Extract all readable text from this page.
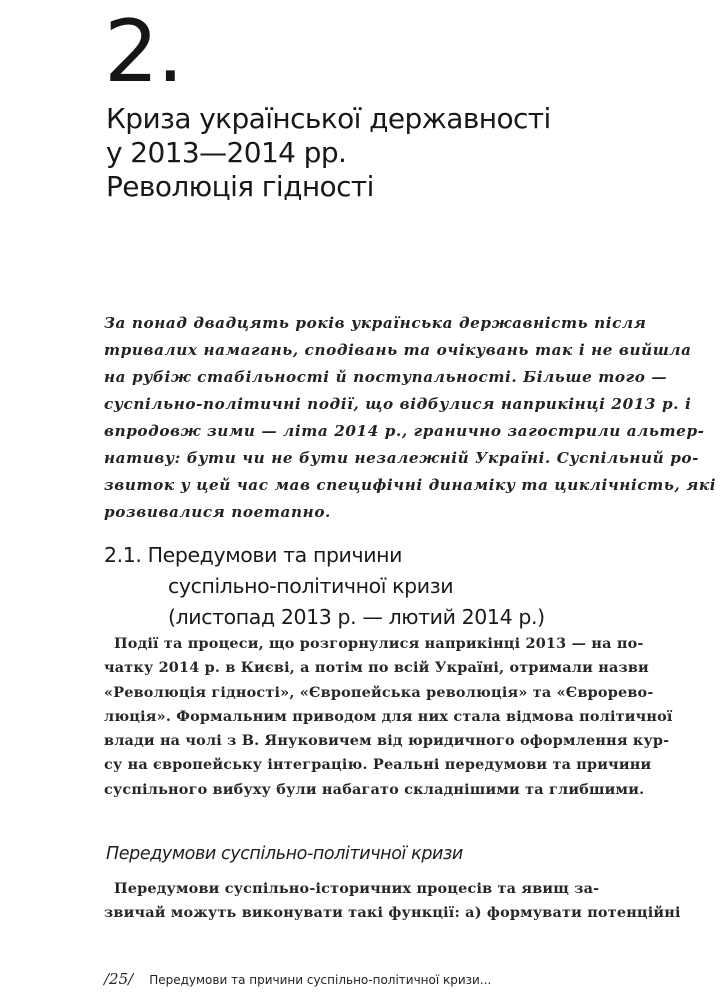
2.
Криза української державності
у 2013—2014 рр.
Революція гідності
За понад двадцять років українська державність після
тривалих намагань, сподівань та очікувань так і не вийшла
на рубіж стабільності й поступальності. Більше того —
суспільно-політичні події, що відбулися наприкінці 2013 р. і
впродовж зими — літа 2014 р., гранично загострили альтер-
нативу: бути чи не бути незалежній Україні. Суспільний ро-
звиток у цей час мав специфічні динаміку та циклічність, які
розвивалися поетапно.
2.1. Передумови та причини
суспільно-політичної кризи
(листопад 2013 р. — лютий 2014 р.)
Події та процеси, що розгорнулися наприкінці 2013 — на по-
чатку 2014 р. в Києві, а потім по всій Україні, отримали назви
«Революція гідності», «Європейська революція» та «Євроревo-
люція». Формальним приводом для них стала відмова політичної
влади на чолі з В. Януковичем від юридичного оформлення кур-
су на європейську інтеграцію. Реальні передумови та причини
суспільного вибуху були набагато складнішими та глибшими.
Передумови суспільно-політичної кризи
Передумови суспільно-історичних процесів та явищ за-
звичай можуть виконувати такі функції: а) формувати потенційні
/25/ Передумови та причини суспільно-політичної кризи...
